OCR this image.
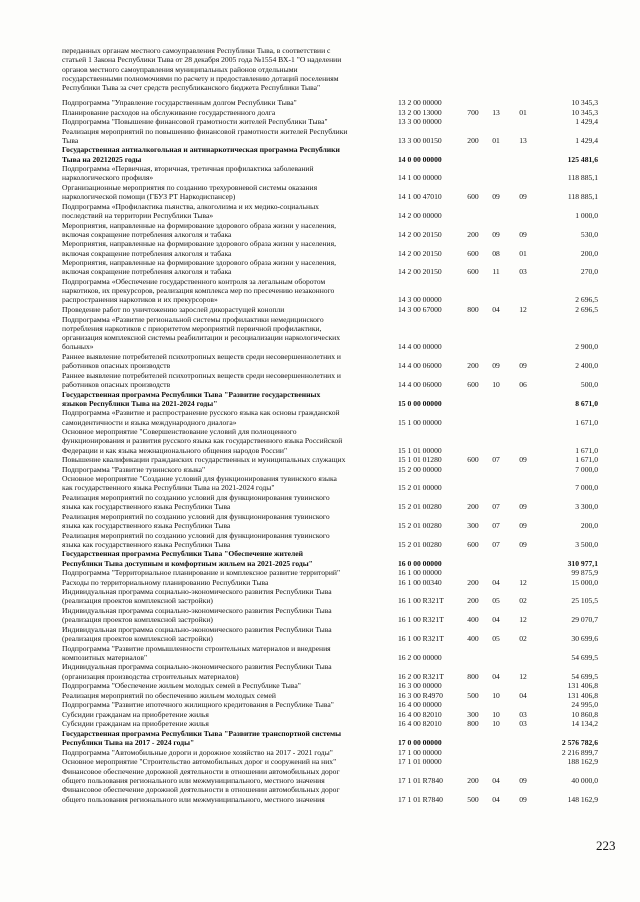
переданных органам местного самоуправления Республики Тыва, в соответствии с
статьей 1 Закона Республики Тыва от 28 декабря 2005 года №1554 ВХ-1 "О наделении
органов местного самоуправления муниципальных районов отдельными
государственными полномочиями по расчету и предоставлению дотаций поселениям
Республики Тыва за счет средств республиканского бюджета Республики Тыва"
Подпрограмма "Управление государственным долгом Республики Тыва"	13 2 00 00000	10 345,3
Планирование расходов на обслуживание государственного долга	13 2 00 13000	700	13	01	10 345,3
Подпрограмма "Повышение финансовой грамотности жителей Республики Тыва"	13 3 00 00000	1 429,4
Реализация мероприятий по повышению финансовой грамотности жителей Республики
Тыва	13 3 00 00150	200	01	13	1 429,4
Государственная антиалкогольная и антинаркотическая программа Республики
Тыва на 20212025 годы	14 0 00 00000	125 481,6
Подпрограмма «Первичная, вторичная, третичная профилактика заболеваний
наркологического профиля»	14 1 00 00000	118 885,1
Организационные мероприятия по созданию трехуровневой системы оказания
наркологической помощи (ГБУЗ РТ Наркодиспансер)	14 1 00 47010	600	09	09	118 885,1
Подпрограмма «Профилактика пьянства, алкоголизма и их медико-социальных
последствий на территории Республики Тыва»	14 2 00 00000	1 000,0
Мероприятия, направленные на формирование здорового образа жизни у населения,
включая сокращение потребления алкоголя и табака	14 2 00 20150	200	09	09	530,0
Мероприятия, направленные на формирование здорового образа жизни у населения,
включая сокращение потребления алкоголя и табака	14 2 00 20150	600	08	01	200,0
Мероприятия, направленные на формирование здорового образа жизни у населения,
включая сокращение потребления алкоголя и табака	14 2 00 20150	600	11	03	270,0
Подпрограмма «Обеспечение государственного контроля за легальным оборотом
наркотиков, их прекурсоров, реализация комплекса мер по пресечению незаконного
распространения наркотиков и их прекурсоров»	14 3 00 00000	2 696,5
Проведение работ по уничтожению зарослей дикорастущей конопли	14 3 00 67000	800	04	12	2 696,5
Подпрограмма «Развитие региональной системы профилактики немедицинского
потребления наркотиков с приоритетом мероприятий первичной профилактики,
организация комплексной системы реабилитации и ресоциализации наркологических
больных»	14 4 00 00000	2 900,0
Раннее выявление потребителей психотропных веществ среди несовершеннолетних и
работников опасных производств	14 4 00 06000	200	09	09	2 400,0
Раннее выявление потребителей психотропных веществ среди несовершеннолетних и
работников опасных производств	14 4 00 06000	600	10	06	500,0
Государственная программа Республики Тыва "Развитие государственных
языков Республики Тыва на 2021-2024 годы"	15 0 00 00000	8 671,0
Подпрограмма «Развитие и распространение русского языка как основы гражданской
самоидентичности и языка международного диалога»	15 1 00 00000	1 671,0
Основное мероприятие "Совершенствование условий для полноценного
функционирования и развития русского языка как государственного языка Российской
Федерации и как языка межнационального общения народов России"	15 1 01 00000	1 671,0
Повышение квалификации гражданских государственных и муниципальных служащих	15 1 01 01280	600	07	09	1 671,0
Подпрограмма "Развитие тувинского языка"	15 2 00 00000	7 000,0
Основное мероприятие "Создание условий для функционирования тувинского языка
как государственного языка Республики Тыва на 2021-2024 годы"	15 2 01 00000	7 000,0
Реализация мероприятий по созданию условий для функционирования тувинского
языка как государственного языка Республики Тыва	15 2 01 00280	200	07	09	3 300,0
Реализация мероприятий по созданию условий для функционирования тувинского
языка как государственного языка Республики Тыва	15 2 01 00280	300	07	09	200,0
Реализация мероприятий по созданию условий для функционирования тувинского
языка как государственного языка Республики Тыва	15 2 01 00280	600	07	09	3 500,0
Государственная программа Республики Тыва "Обеспечение жителей
Республики Тыва доступным и комфортным жильем на 2021-2025 годы"	16 0 00 00000	310 977,1
Подпрограмма "Территориальное планирование и комплексное развитие территорий"	16 1 00 00000	99 875,9
Расходы по территориальному планированию Республики Тыва	16 1 00 00340	200	04	12	15 000,0
Индивидуальная программа социально-экономического развития Республики Тыва
(реализация проектов комплексной застройки)	16 1 00 R321T	200	05	02	25 105,5
Индивидуальная программа социально-экономического развития Республики Тыва
(реализация проектов комплексной застройки)	16 1 00 R321T	400	04	12	29 070,7
Индивидуальная программа социально-экономического развития Республики Тыва
(реализация проектов комплексной застройки)	16 1 00 R321T	400	05	02	30 699,6
Подпрограмма "Развитие промышленности строительных материалов и внедрения
композитных материалов"	16 2 00 00000	54 699,5
Индивидуальная программа социально-экономического развития Республики Тыва
(организация производства строительных материалов)	16 2 00 R321T	800	04	12	54 699,5
Подпрограмма "Обеспечение жильем молодых семей в Республике Тыва"	16 3 00 00000	131 406,8
Реализация мероприятий по обеспечению жильем молодых семей	16 3 00 R4970	500	10	04	131 406,8
Подпрограмма "Развитие ипотечного жилищного кредитования в Республике Тыва"	16 4 00 00000	24 995,0
Субсидии гражданам на приобретение жилья	16 4 00 82010	300	10	03	10 860,8
Субсидии гражданам на приобретение жилья	16 4 00 82010	800	10	03	14 134,2
Государственная программа Республики Тыва "Развитие транспортной системы
Республики Тыва на 2017 - 2024 годы"	17 0 00 00000	2 576 782,6
Подпрограмма "Автомобильные дороги и дорожное хозяйство на 2017 - 2021 годы"	17 1 00 00000	2 216 899,7
Основное мероприятие "Строительство автомобильных дорог и сооружений на них"	17 1 01 00000	188 162,9
Финансовое обеспечение дорожной деятельности в отношении автомобильных дорог
общего пользования регионального или межмуниципального, местного значения	17 1 01 R7840	200	04	09	40 000,0
Финансовое обеспечение дорожной деятельности в отношении автомобильных дорог
общего пользования регионального или межмуниципального, местного значения	17 1 01 R7840	500	04	09	148 162,9
223
